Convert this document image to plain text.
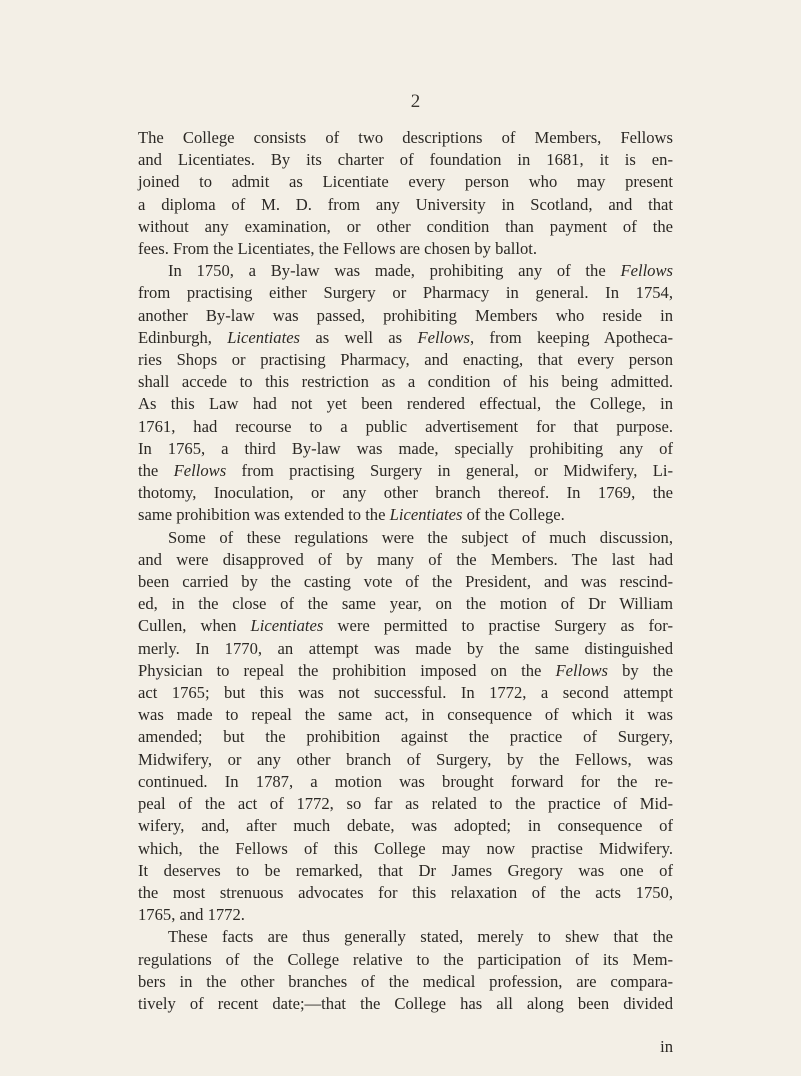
2
The College consists of two descriptions of Members, Fellows
and Licentiates. By its charter of foundation in 1681, it is en-
joined to admit as Licentiate every person who may present
a diploma of M. D. from any University in Scotland, and that
without any examination, or other condition than payment of the
fees. From the Licentiates, the Fellows are chosen by ballot.
In 1750, a By-law was made, prohibiting any of the Fellows
from practising either Surgery or Pharmacy in general. In 1754,
another By-law was passed, prohibiting Members who reside in
Edinburgh, Licentiates as well as Fellows, from keeping Apotheca-
ries Shops or practising Pharmacy, and enacting, that every person
shall accede to this restriction as a condition of his being admitted.
As this Law had not yet been rendered effectual, the College, in
1761, had recourse to a public advertisement for that purpose.
In 1765, a third By-law was made, specially prohibiting any of
the Fellows from practising Surgery in general, or Midwifery, Li-
thotomy, Inoculation, or any other branch thereof. In 1769, the
same prohibition was extended to the Licentiates of the College.
Some of these regulations were the subject of much discussion,
and were disapproved of by many of the Members. The last had
been carried by the casting vote of the President, and was rescind-
ed, in the close of the same year, on the motion of Dr William
Cullen, when Licentiates were permitted to practise Surgery as for-
merly. In 1770, an attempt was made by the same distinguished
Physician to repeal the prohibition imposed on the Fellows by the
act 1765; but this was not successful. In 1772, a second attempt
was made to repeal the same act, in consequence of which it was
amended; but the prohibition against the practice of Surgery,
Midwifery, or any other branch of Surgery, by the Fellows, was
continued. In 1787, a motion was brought forward for the re-
peal of the act of 1772, so far as related to the practice of Mid-
wifery, and, after much debate, was adopted; in consequence of
which, the Fellows of this College may now practise Midwifery.
It deserves to be remarked, that Dr James Gregory was one of
the most strenuous advocates for this relaxation of the acts 1750,
1765, and 1772.
These facts are thus generally stated, merely to shew that the
regulations of the College relative to the participation of its Mem-
bers in the other branches of the medical profession, are compara-
tively of recent date;—that the College has all along been divided
in
